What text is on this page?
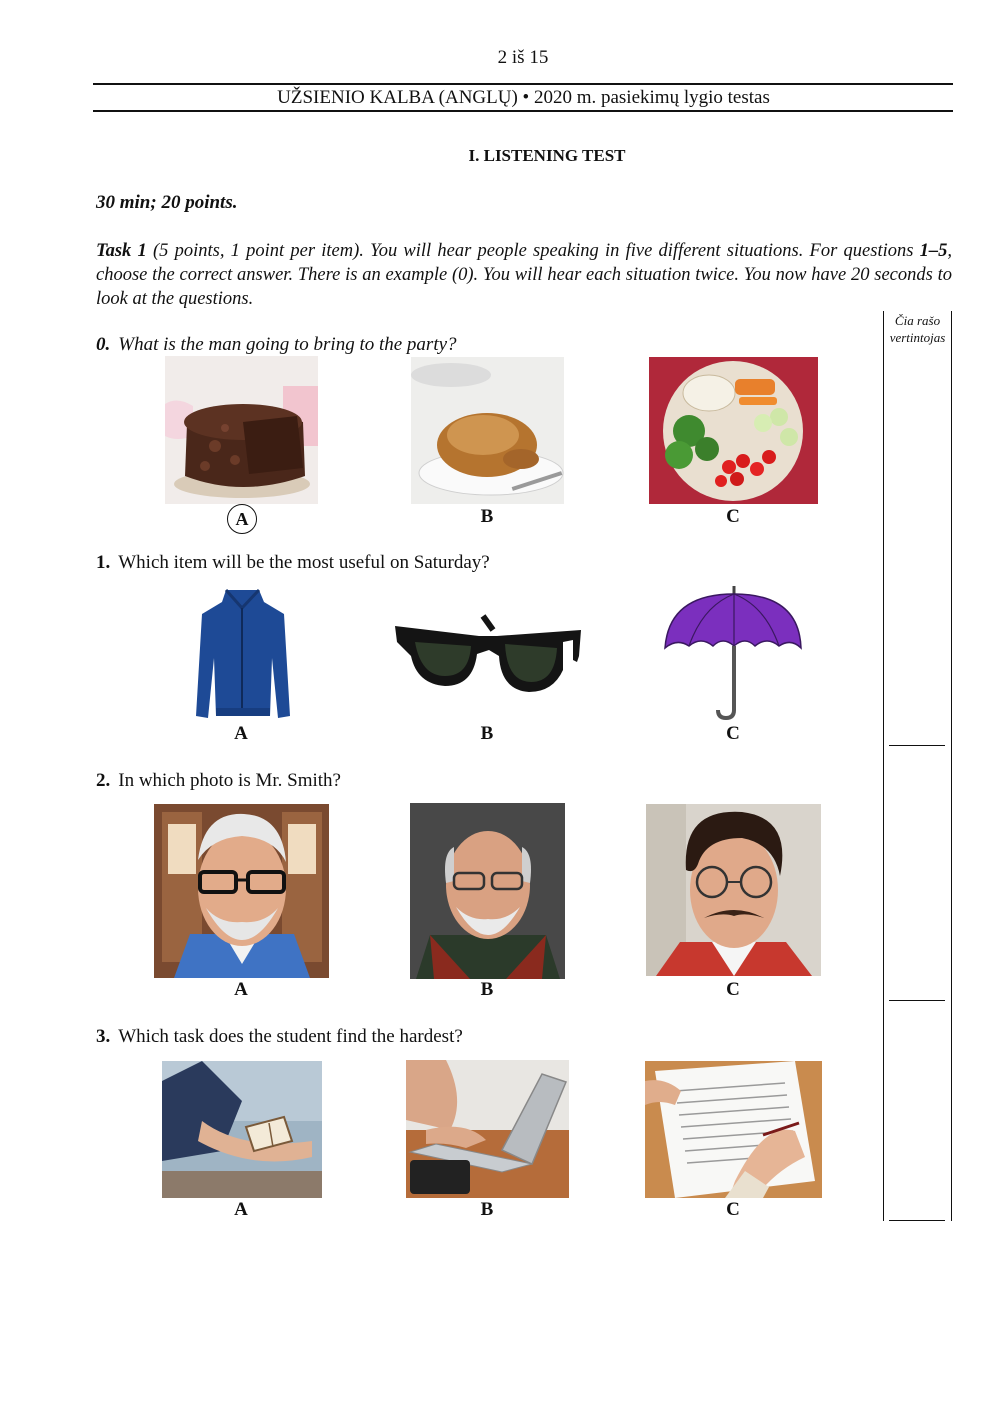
2 iš 15
UŽSIENIO KALBA (ANGLŲ) • 2020 m. pasiekimų lygio testas
I. LISTENING TEST
30 min; 20 points.
Task 1 (5 points, 1 point per item). You will hear people speaking in five different situations. For questions 1–5, choose the correct answer. There is an example (0). You will hear each situation twice. You now have 20 seconds to look at the questions.
Čia rašo
vertintojas
0. What is the man going to bring to the party?
A	B	C
1. Which item will be the most useful on Saturday?
A	B	C
2. In which photo is Mr. Smith?
A	B	C
3. Which task does the student find the hardest?
A	B	C
